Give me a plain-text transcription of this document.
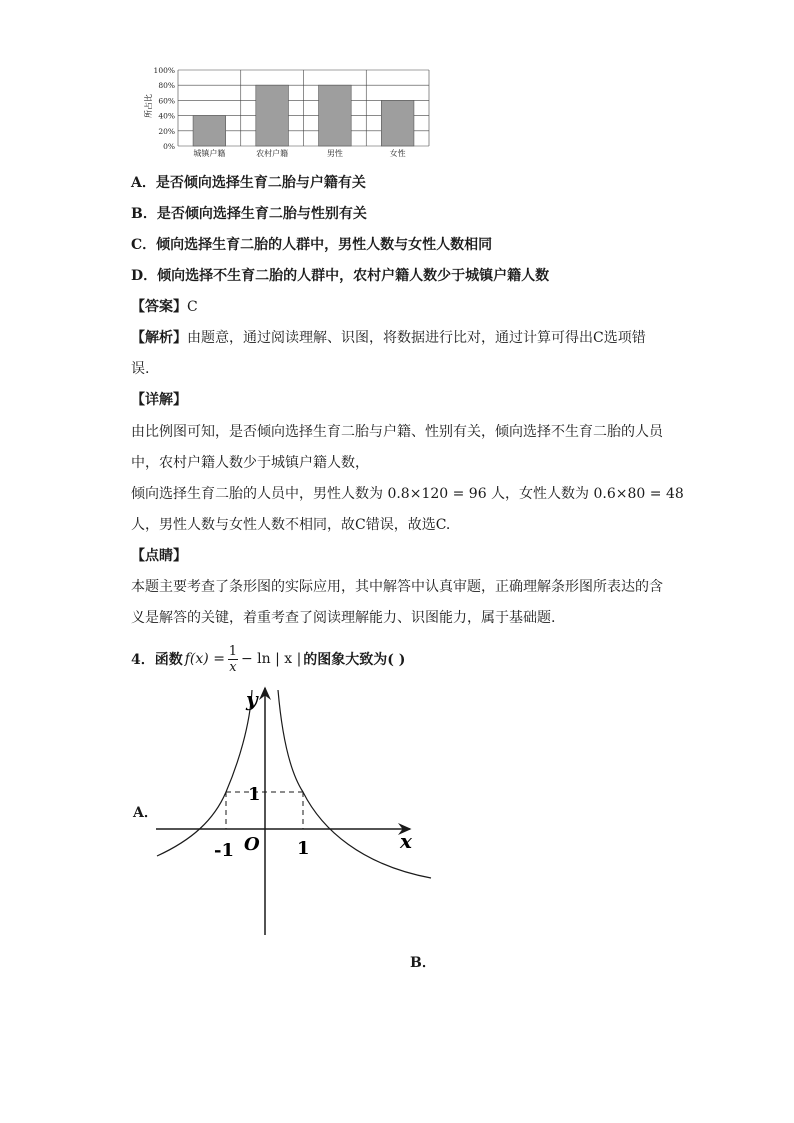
所占比
0%
20%
40%
60%
80%
100%
城镇户籍	农村户籍	男性	女性
A．是否倾向选择生育二胎与户籍有关
B．是否倾向选择生育二胎与性别有关
C．倾向选择生育二胎的人群中，男性人数与女性人数相同
D．倾向选择不生育二胎的人群中，农村户籍人数少于城镇户籍人数
【答案】C
【解析】由题意，通过阅读理解、识图，将数据进行比对，通过计算可得出C选项错
误.
【详解】
由比例图可知，是否倾向选择生育二胎与户籍、性别有关，倾向选择不生育二胎的人员
中，农村户籍人数少于城镇户籍人数，
倾向选择生育二胎的人员中，男性人数为 0.8×120 = 96 人，女性人数为 0.6×80 = 48
人，男性人数与女性人数不相同，故C错误，故选C.
【点睛】
本题主要考查了条形图的实际应用，其中解答中认真审题，正确理解条形图所表达的含
义是解答的关键，着重考查了阅读理解能力、识图能力，属于基础题.
4．函数 f(x) = 1
x
− ln | x | 的图象大致为( )
A．
x
y
O
-1	1
1
B．
